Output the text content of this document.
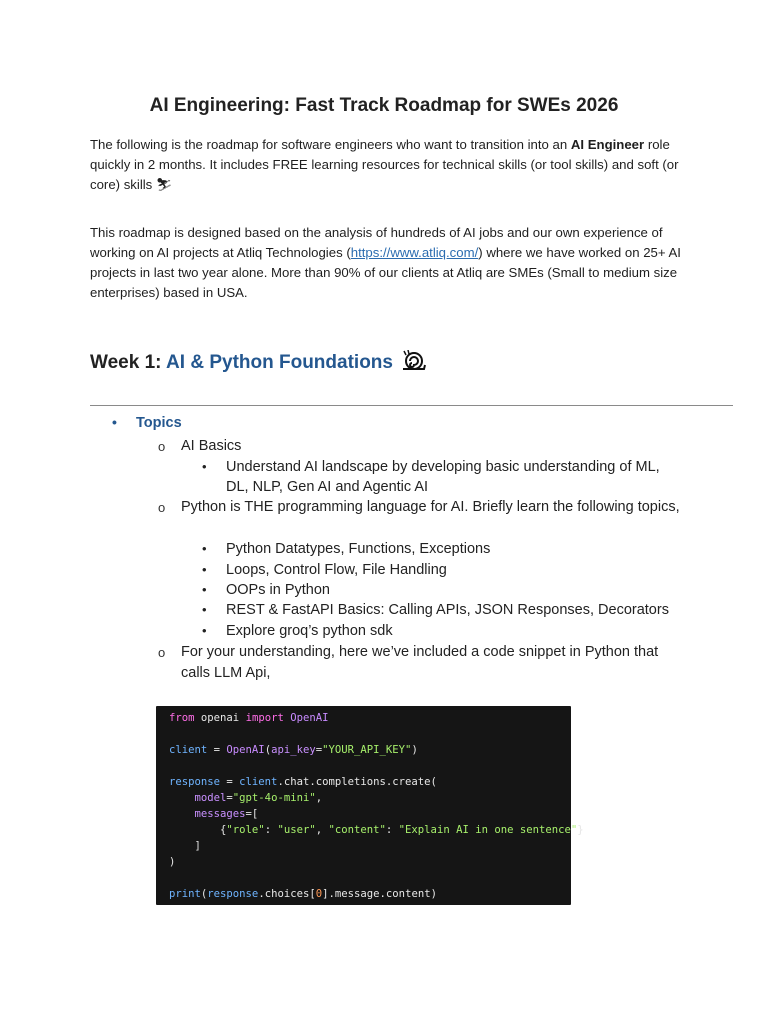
AI Engineering: Fast Track Roadmap for SWEs 2026
The following is the roadmap for software engineers who want to transition into an AI Engineer role quickly in 2 months. It includes FREE learning resources for technical skills (or tool skills) and soft (or core) skills ⛷
This roadmap is designed based on the analysis of hundreds of AI jobs and our own experience of working on AI projects at Atliq Technologies (https://www.atliq.com/) where we have worked on 25+ AI projects in last two year alone. More than 90% of our clients at Atliq are SMEs (Small to medium size enterprises) based in USA.
Week 1: AI & Python Foundations
• Topics
o AI Basics
• Understand AI landscape by developing basic understanding of ML, DL, NLP, Gen AI and Agentic AI
o Python is THE programming language for AI. Briefly learn the following topics,
• Python Datatypes, Functions, Exceptions
• Loops, Control Flow, File Handling
• OOPs in Python
• REST & FastAPI Basics: Calling APIs, JSON Responses, Decorators
• Explore groq’s python sdk
o For your understanding, here we’ve included a code snippet in Python that calls LLM Api,
from openai import OpenAI

client = OpenAI(api_key="YOUR_API_KEY")

response = client.chat.completions.create(
model="gpt-4o-mini",
messages=[
{"role": "user", "content": "Explain AI in one sentence"}
]
)

print(response.choices[0].message.content)
